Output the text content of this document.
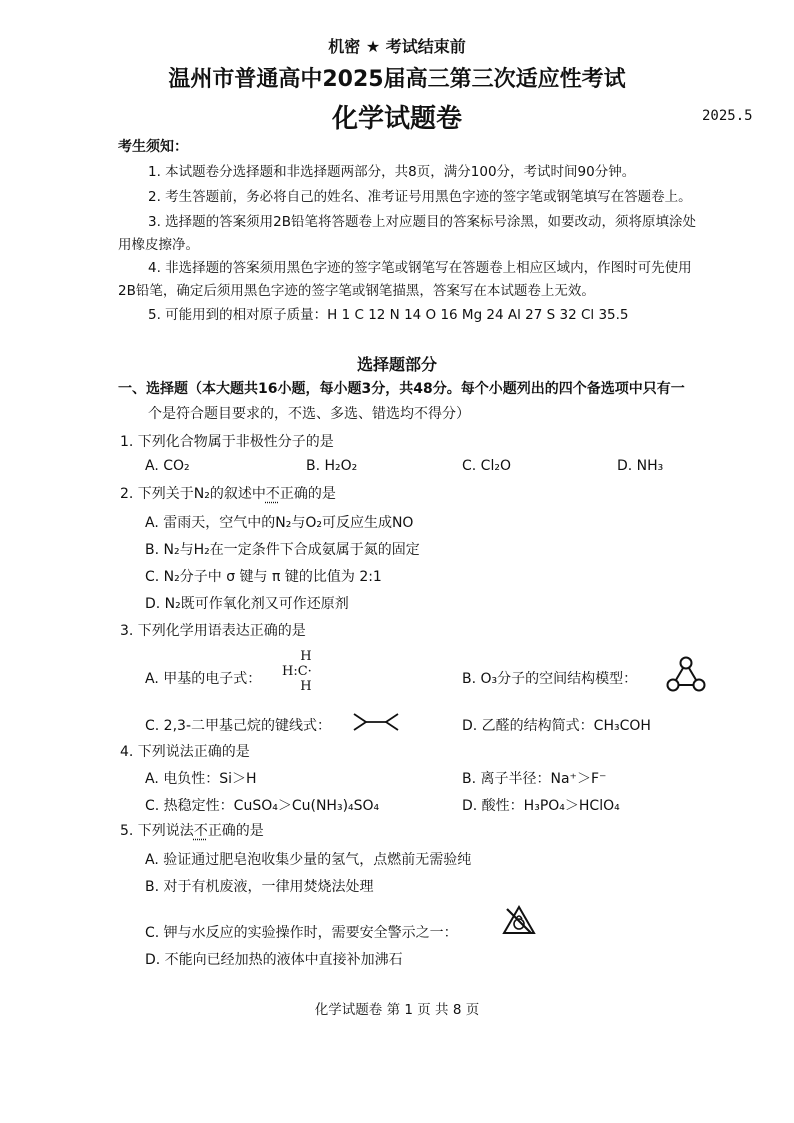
机密 ★ 考试结束前
温州市普通高中2025届高三第三次适应性考试
化学试题卷	2025.5
考生须知：
1. 本试题卷分选择题和非选择题两部分，共8页，满分100分，考试时间90分钟。
2. 考生答题前，务必将自己的姓名、准考证号用黑色字迹的签字笔或钢笔填写在答题卷上。
3. 选择题的答案须用2B铅笔将答题卷上对应题目的答案标号涂黑，如要改动，须将原填涂处
用橡皮擦净。
4. 非选择题的答案须用黑色字迹的签字笔或钢笔写在答题卷上相应区域内，作图时可先使用
2B铅笔，确定后须用黑色字迹的签字笔或钢笔描黑，答案写在本试题卷上无效。
5. 可能用到的相对原子质量：H 1 C 12 N 14 O 16 Mg 24 Al 27 S 32 Cl 35.5
选择题部分
一、选择题（本大题共16小题，每小题3分，共48分。每个小题列出的四个备选项中只有一
个是符合题目要求的，不选、多选、错选均不得分）
1. 下列化合物属于非极性分子的是
A. CO₂	B. H₂O₂	C. Cl₂O	D. NH₃
2. 下列关于N₂的叙述中不正确的是
A. 雷雨天，空气中的N₂与O₂可反应生成NO
B. N₂与H₂在一定条件下合成氨属于氮的固定
C. N₂分子中 σ 键与 π 键的比值为 2:1
D. N₂既可作氧化剂又可作还原剂
3. 下列化学用语表达正确的是
A. 甲基的电子式：
H
H:C·
H	B. O₃分子的空间结构模型：
C. 2,3-二甲基己烷的键线式：	D. 乙醛的结构简式：CH₃COH
4. 下列说法正确的是
A. 电负性：Si＞H	B. 离子半径：Na⁺＞F⁻
C. 热稳定性：CuSO₄＞Cu(NH₃)₄SO₄	D. 酸性：H₃PO₄＞HClO₄
5. 下列说法不正确的是
A. 验证通过肥皂泡收集少量的氢气，点燃前无需验纯
B. 对于有机废液，一律用焚烧法处理
C. 钾与水反应的实验操作时，需要安全警示之一：
D. 不能向已经加热的液体中直接补加沸石
化学试题卷 第 1 页 共 8 页
